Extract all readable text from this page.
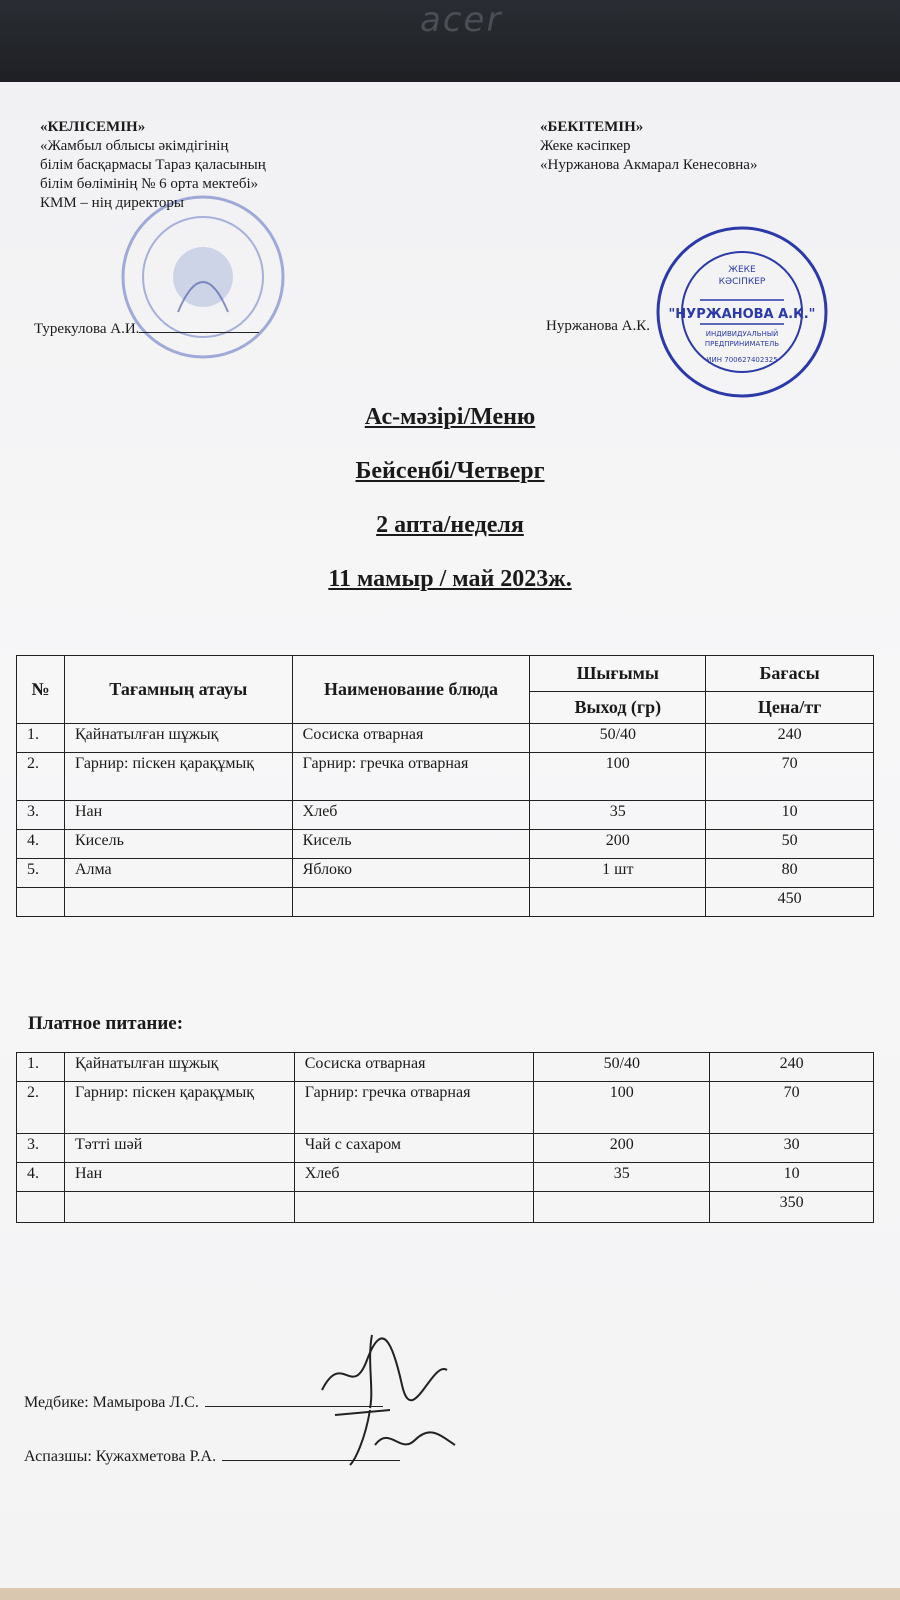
acer
ЖЕКЕ
КӘСІПКЕР
"НУРЖАНОВА А.К."
ИНДИВИДУАЛЬНЫЙ
ПРЕДПРИНИМАТЕЛЬ
ИИН 700627402325
«КЕЛІСЕМІН»
«Жамбыл облысы әкімдігінің
білім басқармасы Тараз қаласының
білім бөлімінің № 6 орта мектебі»
КММ – нің директоры
Турекулова А.И.
«БЕКІТЕМІН»
Жеке кәсіпкер
«Нуржанова Акмарал Кенесовна»
Нуржанова А.К.
Ас-мәзірі/Меню
Бейсенбі/Четверг
2 апта/неделя
11 мамыр / май 2023ж.
№	Тағамның атауы	Наименование блюда	Шығымы	Бағасы
			Выход (гр)	Цена/тг
1.	Қайнатылған шұжық	Сосиска отварная	50/40	240
2.	Гарнир: піскен қарақұмық	Гарнир: гречка отварная	100	70
3.	Нан	Хлеб	35	10
4.	Кисель	Кисель	200	50
5.	Алма	Яблоко	1 шт	80
				450
Платное питание:
1.	Қайнатылған шұжық	Сосиска отварная	50/40	240
2.	Гарнир: піскен қарақұмық	Гарнир: гречка отварная	100	70
3.	Тәтті шәй	Чай с сахаром	200	30
4.	Нан	Хлеб	35	10
				350
Медбике: Мамырова Л.С.
Аспазшы: Кужахметова Р.А.
